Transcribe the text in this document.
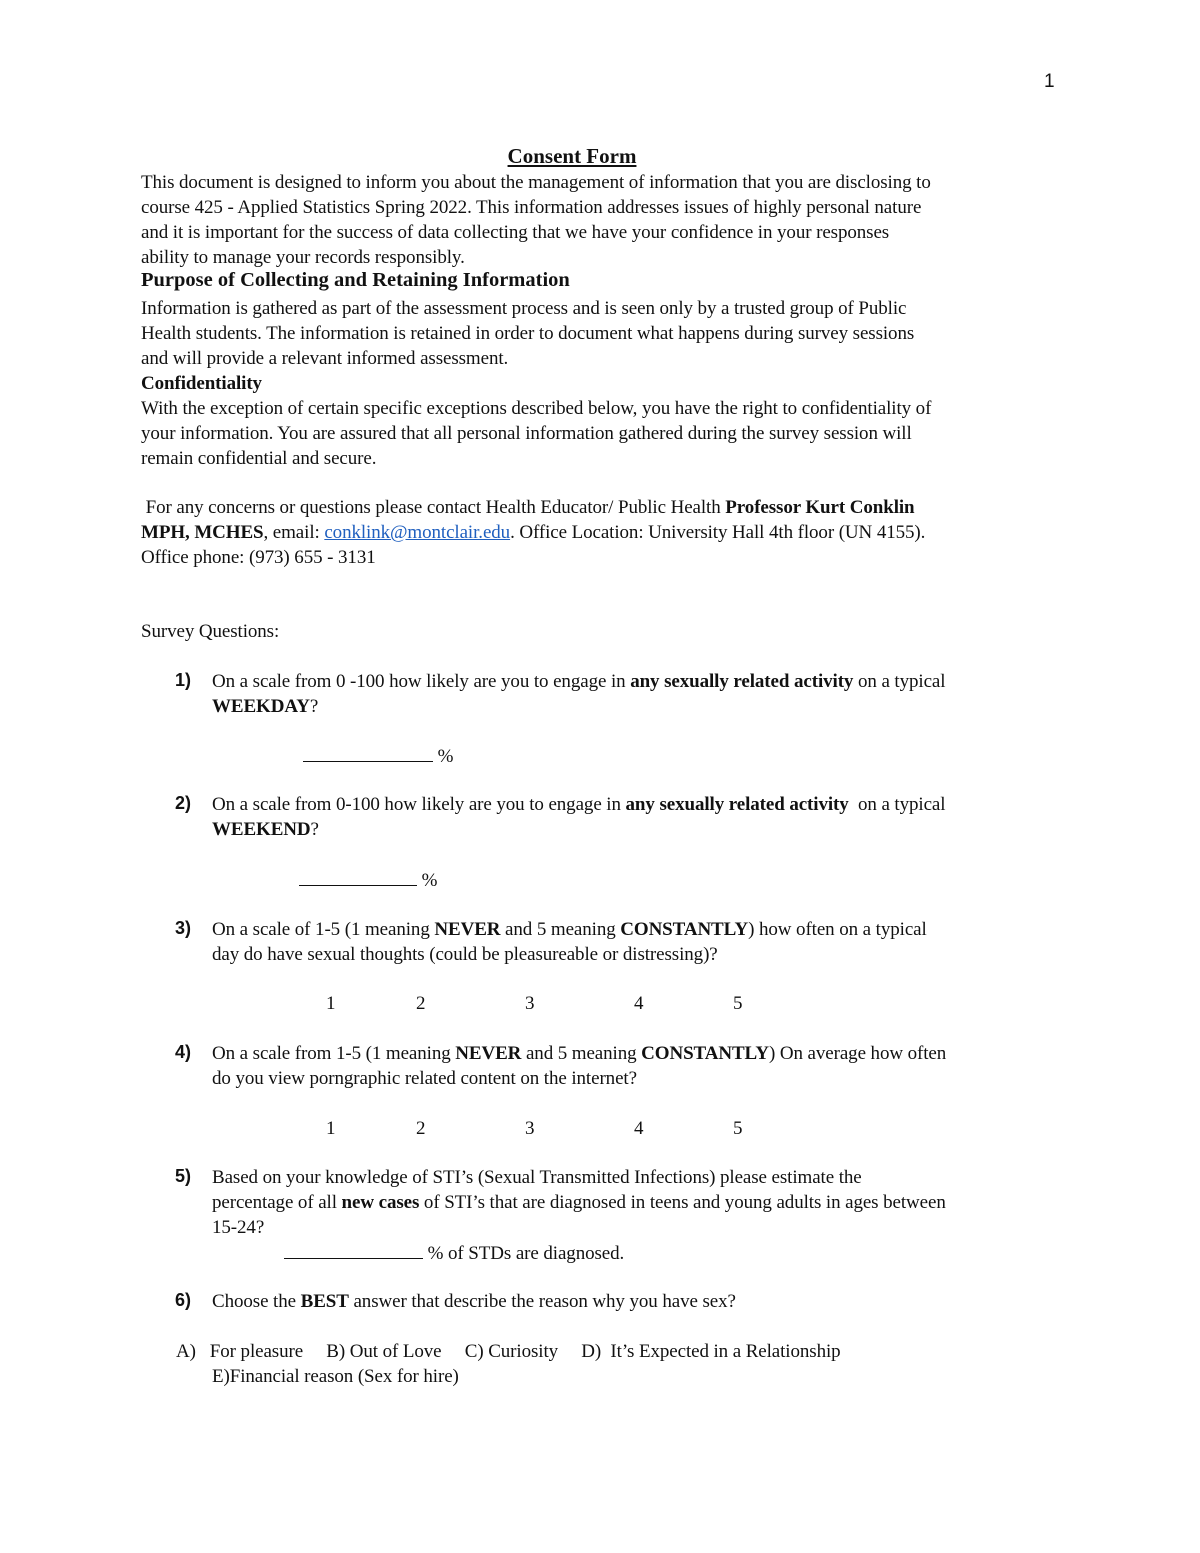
1
Consent Form
This document is designed to inform you about the management of information that you are disclosing to
course 425 - Applied Statistics Spring 2022. This information addresses issues of highly personal nature
and it is important for the success of data collecting that we have your confidence in your responses
ability to manage your records responsibly.
Purpose of Collecting and Retaining Information
Information is gathered as part of the assessment process and is seen only by a trusted group of Public
Health students. The information is retained in order to document what happens during survey sessions
and will provide a relevant informed assessment.
Confidentiality
With the exception of certain specific exceptions described below, you have the right to confidentiality of
your information. You are assured that all personal information gathered during the survey session will
remain confidential and secure.
For any concerns or questions please contact Health Educator/ Public Health Professor Kurt Conklin
MPH, MCHES, email: conklink@montclair.edu. Office Location: University Hall 4th floor (UN 4155).
Office phone: (973) 655 - 3131
Survey Questions:
1) On a scale from 0 -100 how likely are you to engage in any sexually related activity on a typical
WEEKDAY?
%
2) On a scale from 0-100 how likely are you to engage in any sexually related activity  on a typical
WEEKEND?
%
3) On a scale of 1-5 (1 meaning NEVER and 5 meaning CONSTANTLY) how often on a typical
day do have sexual thoughts (could be pleasureable or distressing)?
1	2	3	4	5
4) On a scale from 1-5 (1 meaning NEVER and 5 meaning CONSTANTLY) On average how often
do you view porngraphic related content on the internet?
1	2	3	4	5
5) Based on your knowledge of STI’s (Sexual Transmitted Infections) please estimate the
percentage of all new cases of STI’s that are diagnosed in teens and young adults in ages between
15-24?
% of STDs are diagnosed.
6) Choose the BEST answer that describe the reason why you have sex?
A)   For pleasure     B) Out of Love     C) Curiosity     D)  It’s Expected in a Relationship
E)Financial reason (Sex for hire)
